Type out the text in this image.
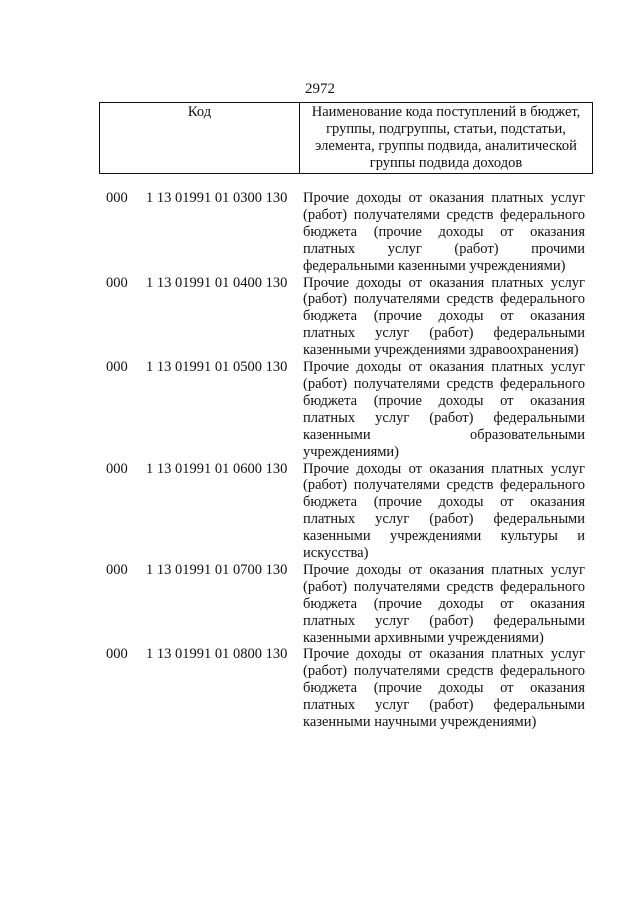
2972
Код	Наименование кода поступлений в бюджет, группы, подгруппы, статьи, подстатьи, элемента, группы подвида, аналитической группы подвида доходов
000	1 13 01991 01 0300 130	Прочие доходы от оказания платных услуг (работ) получателями средств федерального бюджета (прочие доходы от оказания платных услуг (работ) прочими федеральными казенными учреждениями)
000	1 13 01991 01 0400 130	Прочие доходы от оказания платных услуг (работ) получателями средств федерального бюджета (прочие доходы от оказания платных услуг (работ) федеральными казенными учреждениями здравоохранения)
000	1 13 01991 01 0500 130	Прочие доходы от оказания платных услуг (работ) получателями средств федерального бюджета (прочие доходы от оказания платных услуг (работ) федеральными казенными образовательными учреждениями)
000	1 13 01991 01 0600 130	Прочие доходы от оказания платных услуг (работ) получателями средств федерального бюджета (прочие доходы от оказания платных услуг (работ) федеральными казенными учреждениями культуры и искусства)
000	1 13 01991 01 0700 130	Прочие доходы от оказания платных услуг (работ) получателями средств федерального бюджета (прочие доходы от оказания платных услуг (работ) федеральными казенными архивными учреждениями)
000	1 13 01991 01 0800 130	Прочие доходы от оказания платных услуг (работ) получателями средств федерального бюджета (прочие доходы от оказания платных услуг (работ) федеральными казенными научными учреждениями)
